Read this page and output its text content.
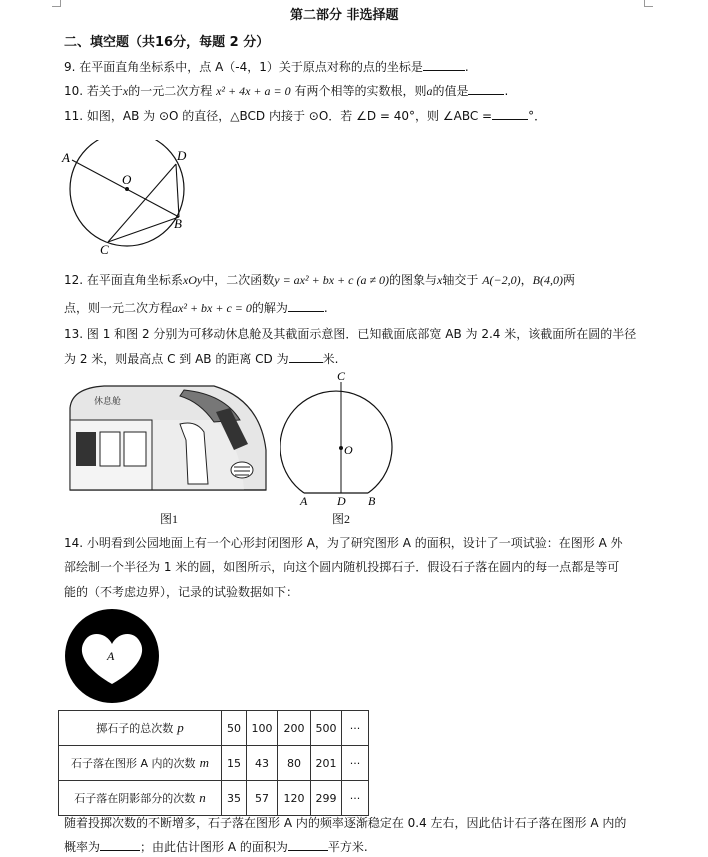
第二部分 非选择题
二、填空题（共16分，每题 2 分）
9. 在平面直角坐标系中，点 A（-4，1）关于原点对称的点的坐标是	.
10. 若关于x的一元二次方程 x² + 4x + a = 0 有两个相等的实数根，则a的值是	.
11. 如图，AB 为 ⊙O 的直径，△BCD 内接于 ⊙O．若 ∠D = 40°，则 ∠ABC =	°．
A	D
O
B
C
12. 在平面直角坐标系xOy中，二次函数y = ax² + bx + c (a ≠ 0)的图象与x轴交于 A(−2,0)，B(4,0)两
点，则一元二次方程ax² + bx + c = 0的解为	.
13. 图 1 和图 2 分别为可移动休息舱及其截面示意图．已知截面底部宽 AB 为 2.4 米，该截面所在圆的半径
为 2 米，则最高点 C 到 AB 的距离 CD 为	米.
休息舱
图1
C
O
A D B
图2
14. 小明看到公园地面上有一个心形封闭图形 A，为了研究图形 A 的面积，设计了一项试验：在图形 A 外
部绘制一个半径为 1 米的圆，如图所示，向这个圆内随机投掷石子．假设石子落在圆内的每一点都是等可
能的（不考虑边界），记录的试验数据如下：
A
掷石子的总次数 p	50	100	200	500	···
石子落在图形 A 内的次数 m	15	43	80	201	···
石子落在阴影部分的次数 n	35	57	120	299	···
随着投掷次数的不断增多，石子落在图形 A 内的频率逐渐稳定在 0.4 左右，因此估计石子落在图形 A 内的
概率为	；由此估计图形 A 的面积为	平方米.
